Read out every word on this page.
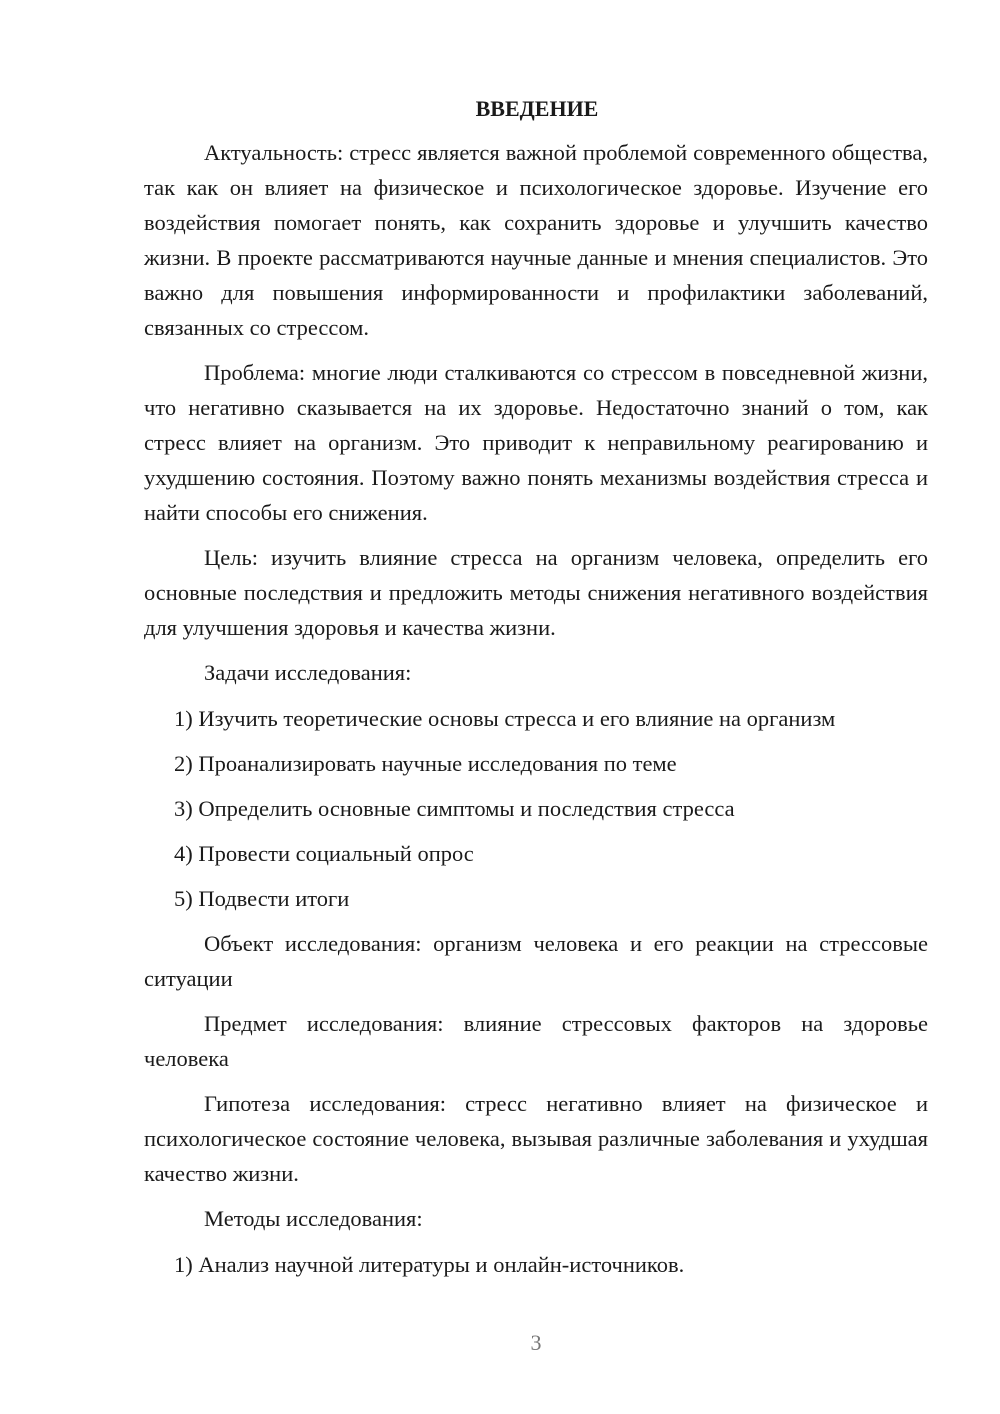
ВВЕДЕНИЕ

Актуальность: стресс является важной проблемой современного общества, так как он влияет на физическое и психологическое здоровье. Изучение его воздействия помогает понять, как сохранить здоровье и улучшить качество жизни. В проекте рассматриваются научные данные и мнения специалистов. Это важно для повышения информированности и профилактики заболеваний, связанных со стрессом.

Проблема: многие люди сталкиваются со стрессом в повседневной жизни, что негативно сказывается на их здоровье. Недостаточно знаний о том, как стресс влияет на организм. Это приводит к неправильному реагированию и ухудшению состояния. Поэтому важно понять механизмы воздействия стресса и найти способы его снижения.

Цель: изучить влияние стресса на организм человека, определить его основные последствия и предложить методы снижения негативного воздействия для улучшения здоровья и качества жизни.

Задачи исследования:

1) Изучить теоретические основы стресса и его влияние на организм

2) Проанализировать научные исследования по теме

3) Определить основные симптомы и последствия стресса

4) Провести социальный опрос

5) Подвести итоги

Объект исследования: организм человека и его реакции на стрессовые ситуации

Предмет исследования: влияние стрессовых факторов на здоровье человека

Гипотеза исследования: стресс негативно влияет на физическое и психологическое состояние человека, вызывая различные заболевания и ухудшая качество жизни.

Методы исследования:

1) Анализ научной литературы и онлайн-источников.

3
